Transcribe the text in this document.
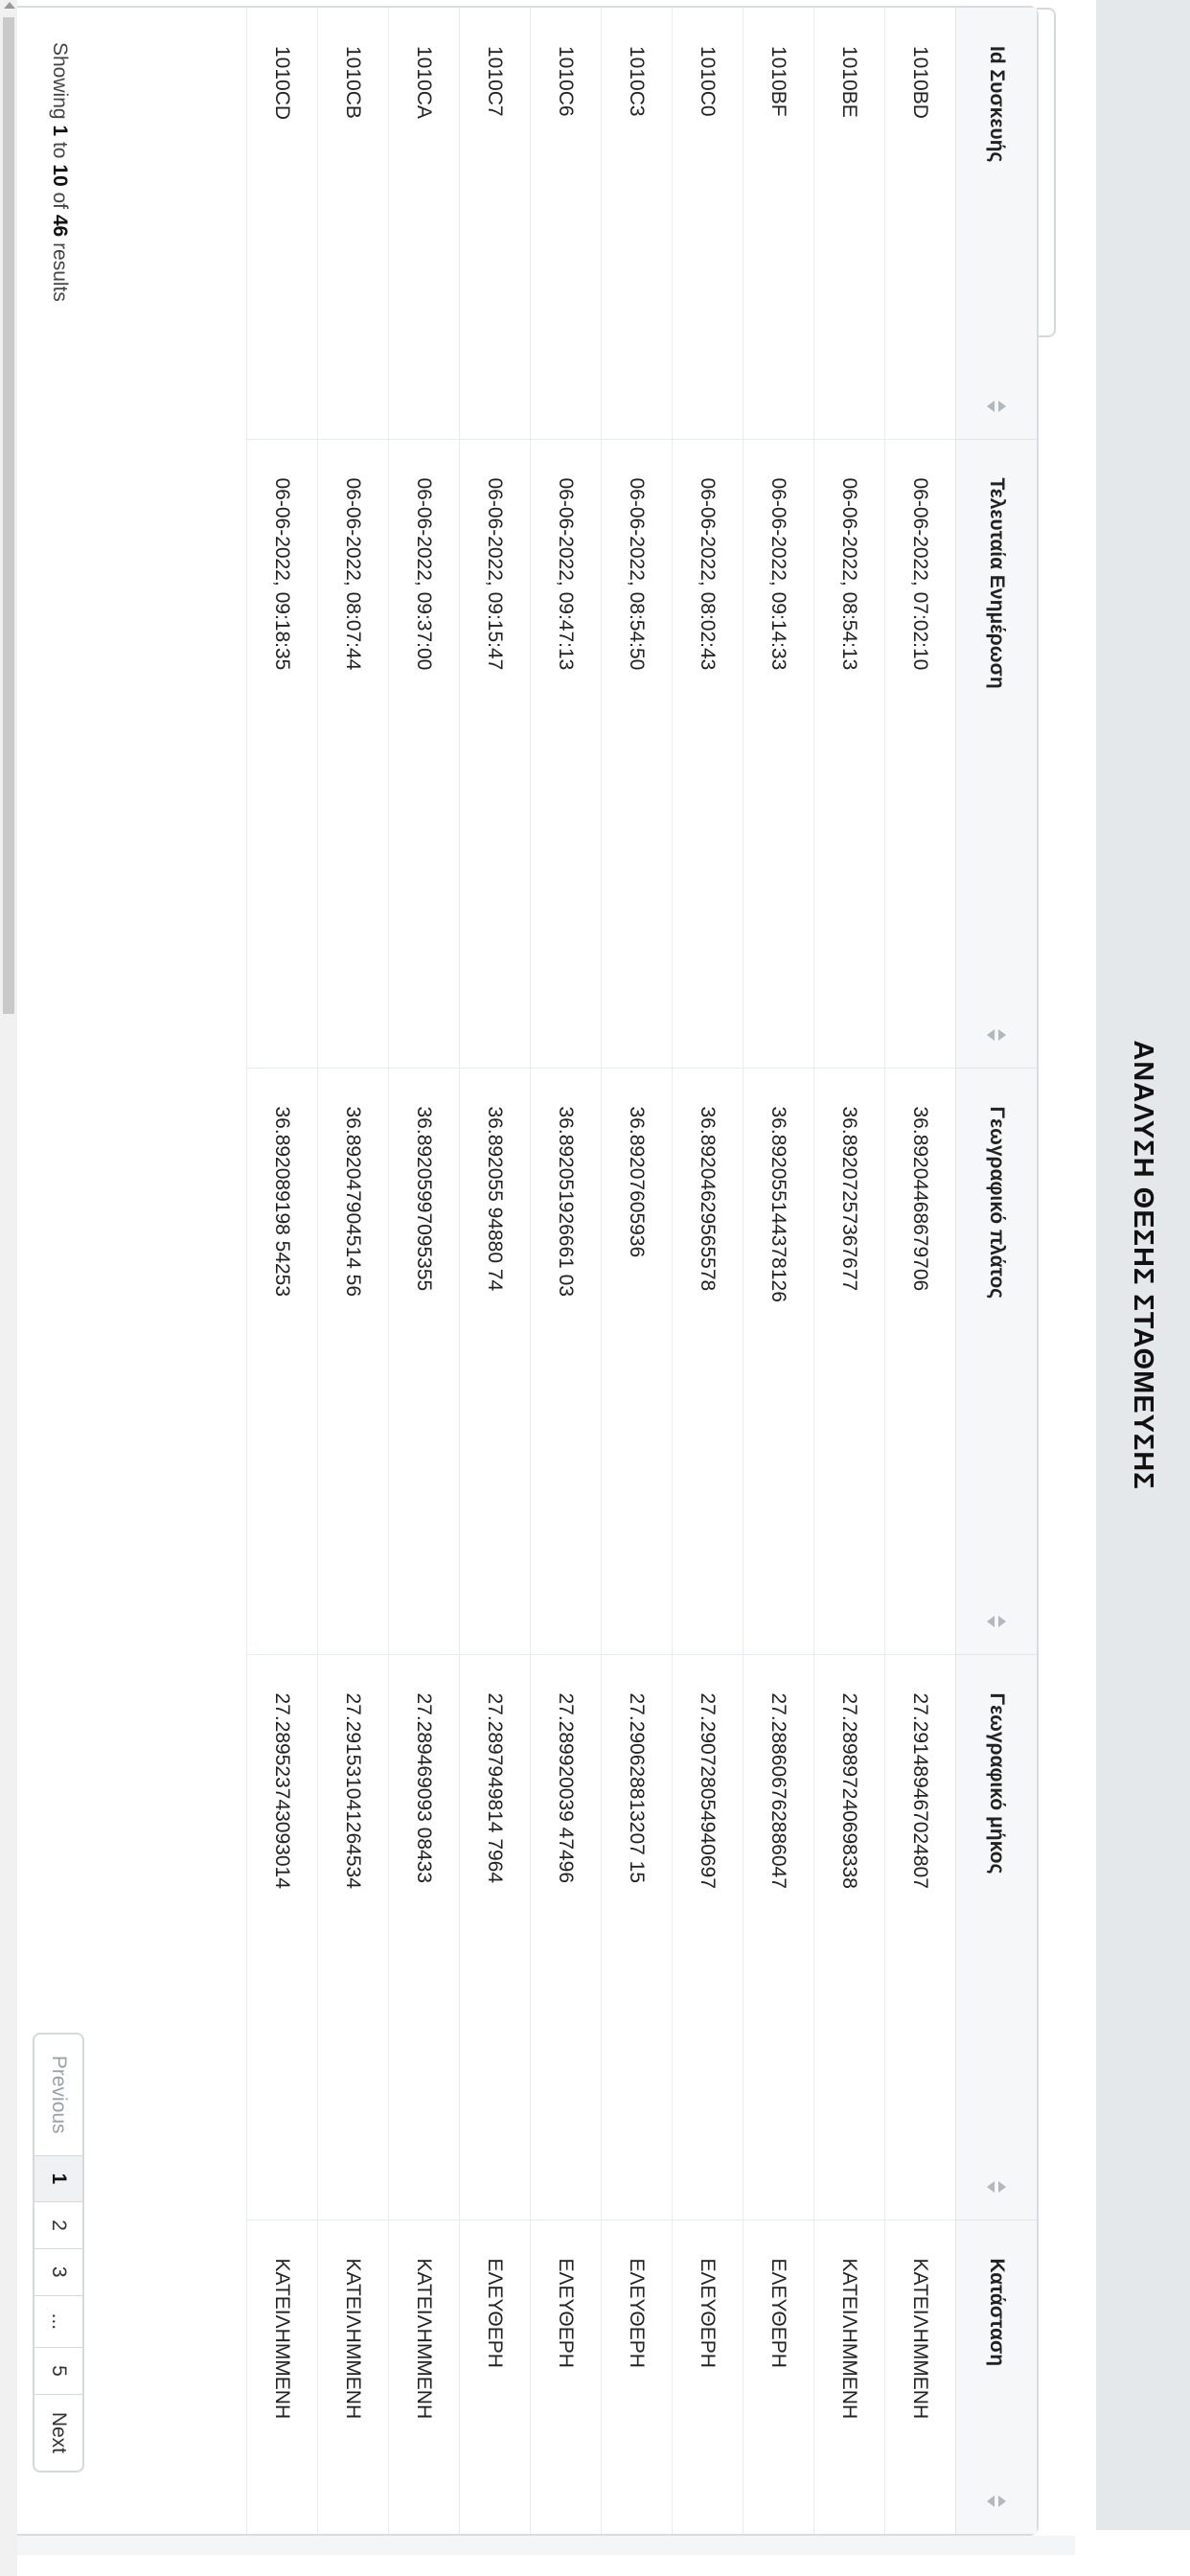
ΑΝΑΛΥΣΗ ΘΕΣΗΣ ΣΤΑΘΜΕΥΣΗΣ
Type a keyword...
Id Συσκευής	Τελευταία Ενημέρωση	Γεωγραφικό πλάτος	Γεωγραφικό μήκος	Κατάσταση

1010BD	06-06-2022, 07:02:10	36.89204468679706	27.291489467024807	ΚΑΤΕΙΛΗΜΜΕΝΗ
1010BE	06-06-2022, 08:54:13	36.89207257367677	27.289897240698338	ΚΑΤΕΙΛΗΜΜΕΝΗ
1010BF	06-06-2022, 09:14:33	36.892055144378126	27.288606762886047	ΕΛΕΥΘΕΡΗ
1010C0	06-06-2022, 08:02:43	36.89204629565578	27.290728054940697	ΕΛΕΥΘΕΡΗ
1010C3	06-06-2022, 08:54:50	36.89207605936	27.290628813207 15	ΕΛΕΥΘΕΡΗ
1010C6	06-06-2022, 09:47:13	36.892051926661 03	27.289920039 47496	ΕΛΕΥΘΕΡΗ
1010C7	06-06-2022, 09:15:47	36.892055 94880 74	27.2897949814 7964	ΕΛΕΥΘΕΡΗ
1010CA	06-06-2022, 09:37:00	36.89205997095355	27.289469093 08433	ΚΑΤΕΙΛΗΜΜΕΝΗ
1010CB	06-06-2022, 08:07:44	36.892047904514 56	27.291531041264534	ΚΑΤΕΙΛΗΜΜΕΝΗ
1010CD	06-06-2022, 09:18:35	36.892089198 54253	27.289523743093014	ΚΑΤΕΙΛΗΜΜΕΝΗ
Showing 1 to 10 of 46 results
Previous
1
2
3
...
5
Next
